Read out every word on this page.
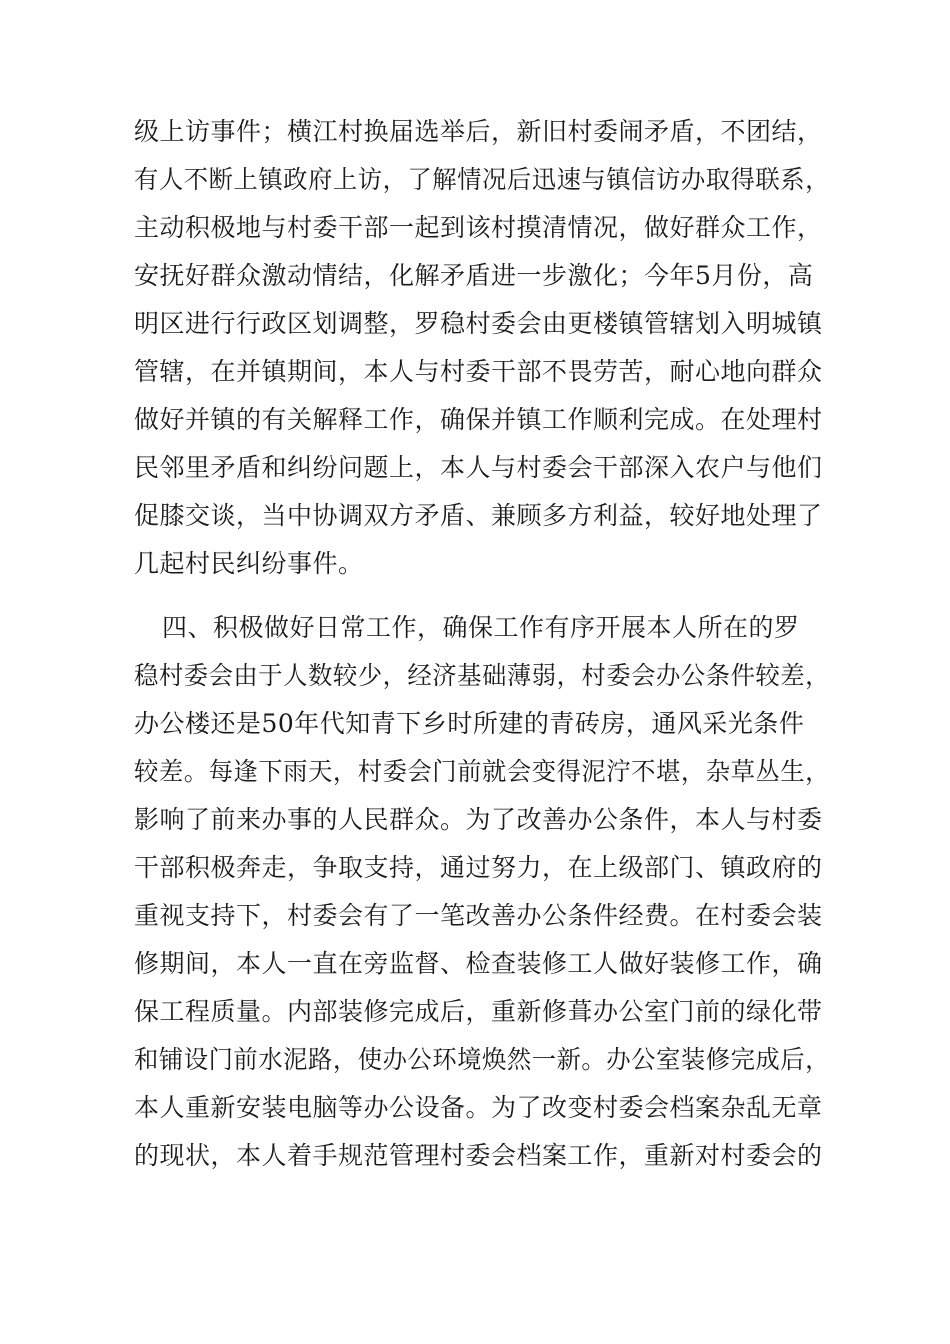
级上访事件；横江村换届选举后，新旧村委闹矛盾，不团结，
有人不断上镇政府上访，了解情况后迅速与镇信访办取得联系，
主动积极地与村委干部一起到该村摸清情况，做好群众工作，
安抚好群众激动情结，化解矛盾进一步激化；今年5月份，高
明区进行行政区划调整，罗稳村委会由更楼镇管辖划入明城镇
管辖，在并镇期间，本人与村委干部不畏劳苦，耐心地向群众
做好并镇的有关解释工作，确保并镇工作顺利完成。在处理村
民邻里矛盾和纠纷问题上，本人与村委会干部深入农户与他们
促膝交谈，当中协调双方矛盾、兼顾多方利益，较好地处理了
几起村民纠纷事件。
四、积极做好日常工作，确保工作有序开展本人所在的罗
稳村委会由于人数较少，经济基础薄弱，村委会办公条件较差，
办公楼还是50年代知青下乡时所建的青砖房，通风采光条件
较差。每逢下雨天，村委会门前就会变得泥泞不堪，杂草丛生，
影响了前来办事的人民群众。为了改善办公条件，本人与村委
干部积极奔走，争取支持，通过努力，在上级部门、镇政府的
重视支持下，村委会有了一笔改善办公条件经费。在村委会装
修期间，本人一直在旁监督、检查装修工人做好装修工作，确
保工程质量。内部装修完成后，重新修葺办公室门前的绿化带
和铺设门前水泥路，使办公环境焕然一新。办公室装修完成后，
本人重新安装电脑等办公设备。为了改变村委会档案杂乱无章
的现状，本人着手规范管理村委会档案工作，重新对村委会的
